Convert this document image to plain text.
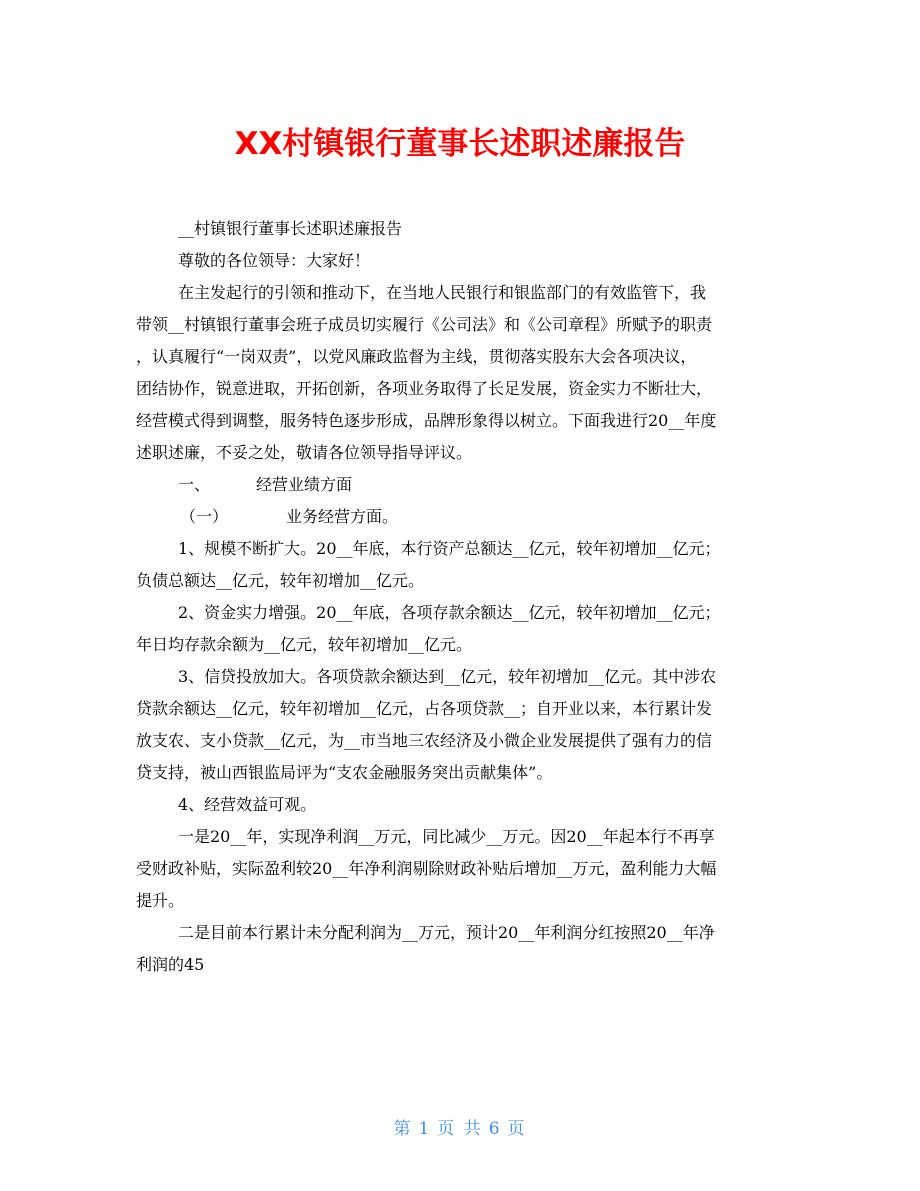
XX村镇银行董事长述职述廉报告

__村镇银行董事长述职述廉报告

尊敬的各位领导：大家好！

在主发起行的引领和推动下，在当地人民银行和银监部门的有效监管下，我

带领__村镇银行董事会班子成员切实履行《公司法》和《公司章程》所赋予的职责

，认真履行“一岗双责”，以党风廉政监督为主线，贯彻落实股东大会各项决议，

团结协作，锐意进取，开拓创新，各项业务取得了长足发展，资金实力不断壮大，

经营模式得到调整，服务特色逐步形成，品牌形象得以树立。下面我进行20__年度

述职述廉，不妥之处，敬请各位领导指导评议。

一、	经营业绩方面

（一）	业务经营方面。

1、规模不断扩大。20__年底，本行资产总额达__亿元，较年初增加__亿元；

负债总额达__亿元，较年初增加__亿元。

2、资金实力增强。20__年底，各项存款余额达__亿元，较年初增加__亿元；

年日均存款余额为__亿元，较年初增加__亿元。

3、信贷投放加大。各项贷款余额达到__亿元，较年初增加__亿元。其中涉农

贷款余额达__亿元，较年初增加__亿元，占各项贷款__；自开业以来，本行累计发

放支农、支小贷款__亿元，为__市当地三农经济及小微企业发展提供了强有力的信

贷支持，被山西银监局评为“支农金融服务突出贡献集体”。

4、经营效益可观。

一是20__年，实现净利润__万元，同比减少__万元。因20__年起本行不再享

受财政补贴，实际盈利较20__年净利润剔除财政补贴后增加__万元，盈利能力大幅

提升。

二是目前本行累计未分配利润为__万元，预计20__年利润分红按照20__年净

利润的45

第 1 页 共 6 页
